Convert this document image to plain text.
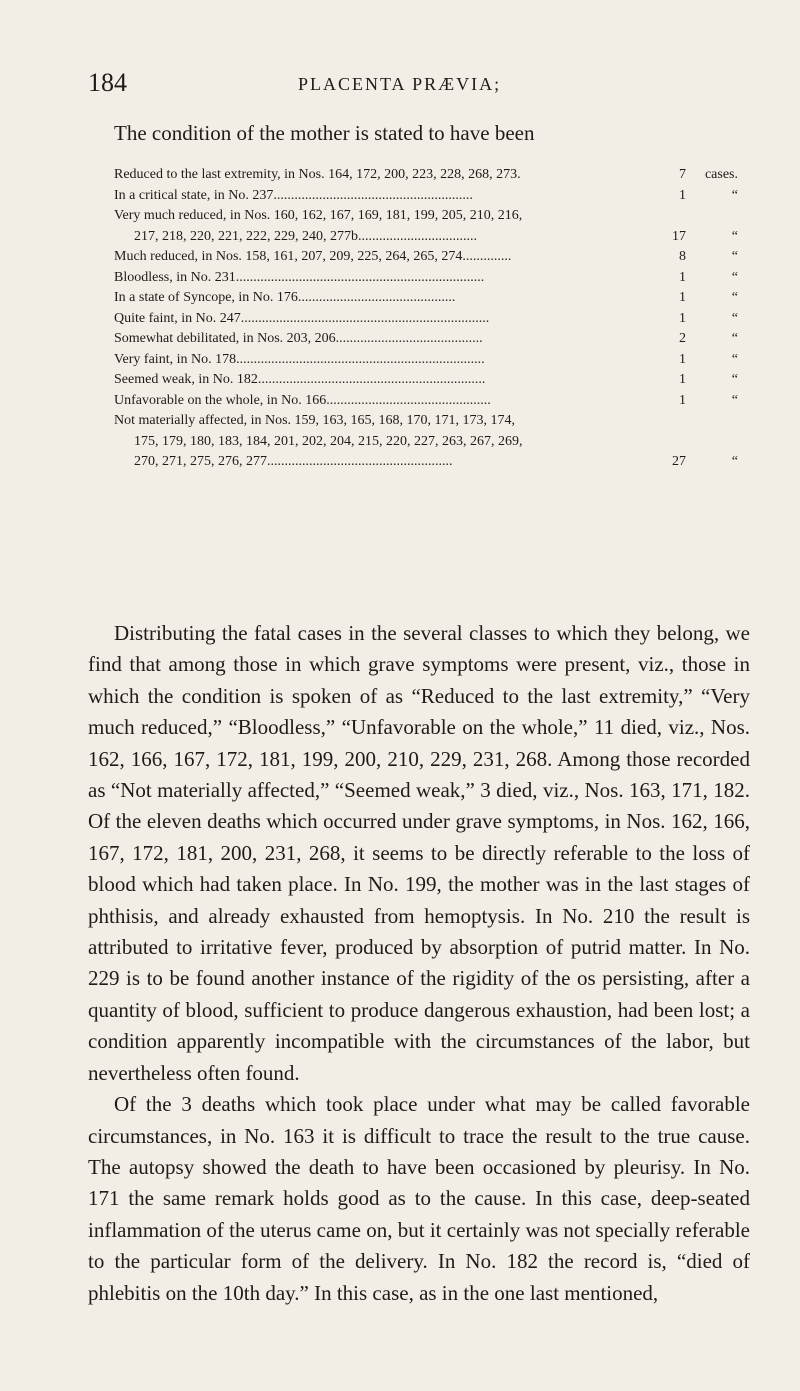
184	PLACENTA PRÆVIA;
The condition of the mother is stated to have been
Reduced to the last extremity, in Nos. 164, 172, 200, 223, 228, 268, 273.	7 cases.
In a critical state, in No. 237.........................................................	1	“
Very much reduced, in Nos. 160, 162, 167, 169, 181, 199, 205, 210, 216,
217, 218, 220, 221, 222, 229, 240, 277b..................................	17	“
Much reduced, in Nos. 158, 161, 207, 209, 225, 264, 265, 274..............	8	“
Bloodless, in No. 231.......................................................................	1	“
In a state of Syncope, in No. 176.............................................	1	“
Quite faint, in No. 247.......................................................................	1	“
Somewhat debilitated, in Nos. 203, 206..........................................	2	“
Very faint, in No. 178.......................................................................	1	“
Seemed weak, in No. 182.................................................................	1	“
Unfavorable on the whole, in No. 166...............................................	1	“
Not materially affected, in Nos. 159, 163, 165, 168, 170, 171, 173, 174,
175, 179, 180, 183, 184, 201, 202, 204, 215, 220, 227, 263, 267, 269,
270, 271, 275, 276, 277.....................................................	27	“

Distributing the fatal cases in the several classes to which they belong, we find that among those in which grave symptoms were present, viz., those in which the condition is spoken of as “Reduced to the last extremity,” “Very much reduced,” “Bloodless,” “Unfavorable on the whole,” 11 died, viz., Nos. 162, 166, 167, 172, 181, 199, 200, 210, 229, 231, 268. Among those recorded as “Not materially affected,” “Seemed weak,” 3 died, viz., Nos. 163, 171, 182. Of the eleven deaths which occurred under grave symptoms, in Nos. 162, 166, 167, 172, 181, 200, 231, 268, it seems to be directly referable to the loss of blood which had taken place. In No. 199, the mother was in the last stages of phthisis, and already exhausted from hemoptysis. In No. 210 the result is attributed to irritative fever, produced by absorption of putrid matter. In No. 229 is to be found another instance of the rigidity of the os persisting, after a quantity of blood, sufficient to produce dangerous exhaustion, had been lost; a condition apparently incompatible with the circumstances of the labor, but nevertheless often found.

Of the 3 deaths which took place under what may be called favorable circumstances, in No. 163 it is difficult to trace the result to the true cause. The autopsy showed the death to have been occasioned by pleurisy. In No. 171 the same remark holds good as to the cause. In this case, deep-seated inflammation of the uterus came on, but it certainly was not specially referable to the particular form of the delivery. In No. 182 the record is, “died of phlebitis on the 10th day.” In this case, as in the one last mentioned,
